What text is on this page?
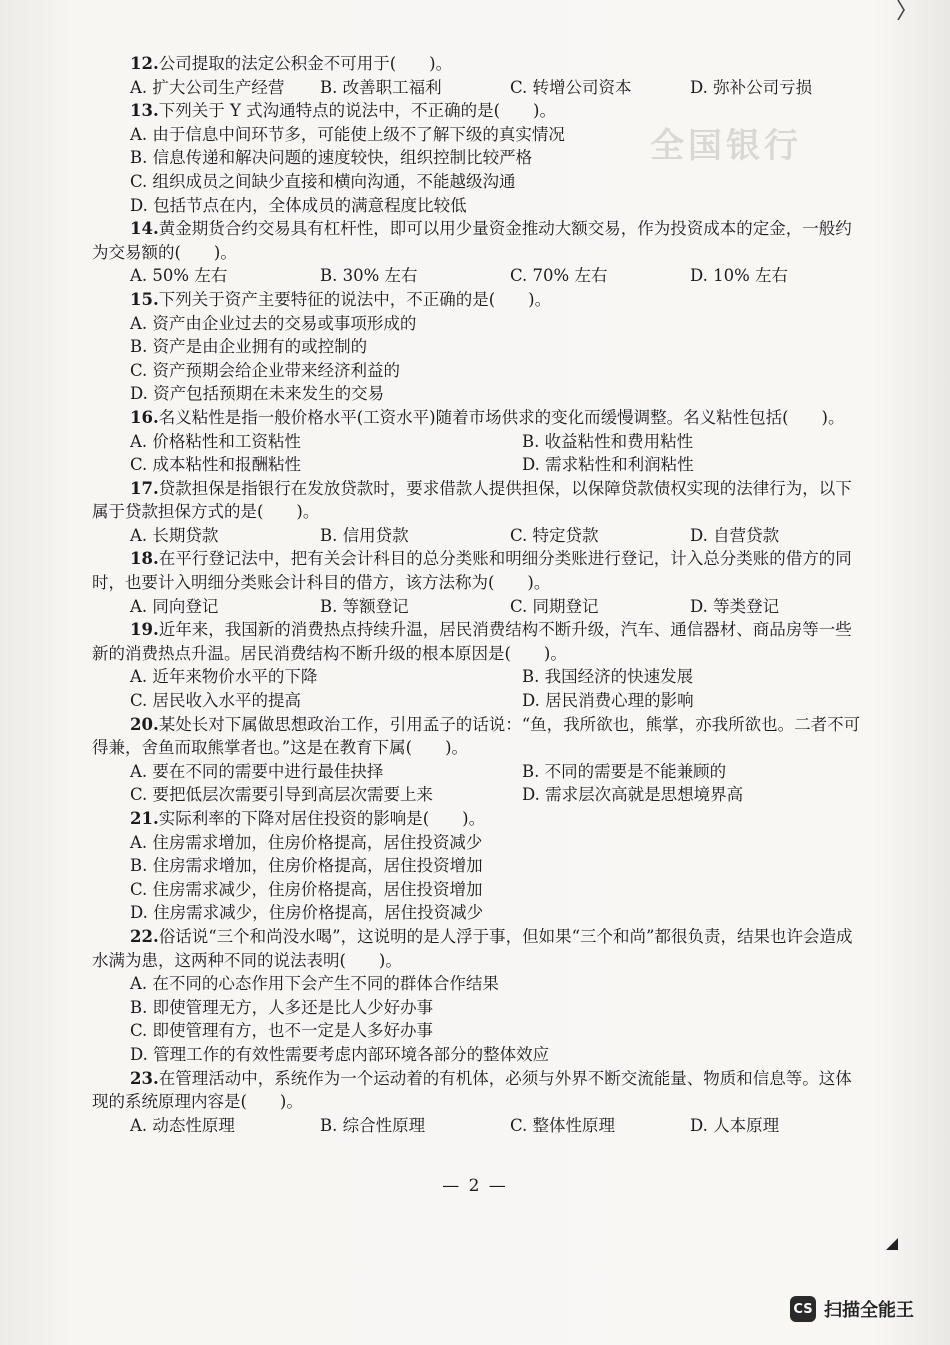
全国银行
12.公司提取的法定公积金不可用于(　　)。
A. 扩大公司生产经营	B. 改善职工福利	C. 转增公司资本	D. 弥补公司亏损
13.下列关于 Y 式沟通特点的说法中，不正确的是(　　)。
A. 由于信息中间环节多，可能使上级不了解下级的真实情况
B. 信息传递和解决问题的速度较快，组织控制比较严格
C. 组织成员之间缺少直接和横向沟通，不能越级沟通
D. 包括节点在内，全体成员的满意程度比较低
14.黄金期货合约交易具有杠杆性，即可以用少量资金推动大额交易，作为投资成本的定金，一般约为交易额的(　　)。
A. 50% 左右	B. 30% 左右	C. 70% 左右	D. 10% 左右
15.下列关于资产主要特征的说法中，不正确的是(　　)。
A. 资产由企业过去的交易或事项形成的
B. 资产是由企业拥有的或控制的
C. 资产预期会给企业带来经济利益的
D. 资产包括预期在未来发生的交易
16.名义粘性是指一般价格水平(工资水平)随着市场供求的变化而缓慢调整。名义粘性包括(　　)。
A. 价格粘性和工资粘性	B. 收益粘性和费用粘性
C. 成本粘性和报酬粘性	D. 需求粘性和利润粘性
17.贷款担保是指银行在发放贷款时，要求借款人提供担保，以保障贷款债权实现的法律行为，以下属于贷款担保方式的是(　　)。
A. 长期贷款	B. 信用贷款	C. 特定贷款	D. 自营贷款
18.在平行登记法中，把有关会计科目的总分类账和明细分类账进行登记，计入总分类账的借方的同时，也要计入明细分类账会计科目的借方，该方法称为(　　)。
A. 同向登记	B. 等额登记	C. 同期登记	D. 等类登记
19.近年来，我国新的消费热点持续升温，居民消费结构不断升级，汽车、通信器材、商品房等一些新的消费热点升温。居民消费结构不断升级的根本原因是(　　)。
A. 近年来物价水平的下降	B. 我国经济的快速发展
C. 居民收入水平的提高	D. 居民消费心理的影响
20.某处长对下属做思想政治工作，引用孟子的话说：“鱼，我所欲也，熊掌，亦我所欲也。二者不可得兼，舍鱼而取熊掌者也。”这是在教育下属(　　)。
A. 要在不同的需要中进行最佳抉择	B. 不同的需要是不能兼顾的
C. 要把低层次需要引导到高层次需要上来	D. 需求层次高就是思想境界高
21.实际利率的下降对居住投资的影响是(　　)。
A. 住房需求增加，住房价格提高，居住投资减少
B. 住房需求增加，住房价格提高，居住投资增加
C. 住房需求减少，住房价格提高，居住投资增加
D. 住房需求减少，住房价格提高，居住投资减少
22.俗话说“三个和尚没水喝”，这说明的是人浮于事，但如果“三个和尚”都很负责，结果也许会造成水满为患，这两种不同的说法表明(　　)。
A. 在不同的心态作用下会产生不同的群体合作结果
B. 即使管理无方，人多还是比人少好办事
C. 即使管理有方，也不一定是人多好办事
D. 管理工作的有效性需要考虑内部环境各部分的整体效应
23.在管理活动中，系统作为一个运动着的有机体，必须与外界不断交流能量、物质和信息等。这体现的系统原理内容是(　　)。
A. 动态性原理	B. 综合性原理	C. 整体性原理	D. 人本原理
— 2 —
CS 扫描全能王
